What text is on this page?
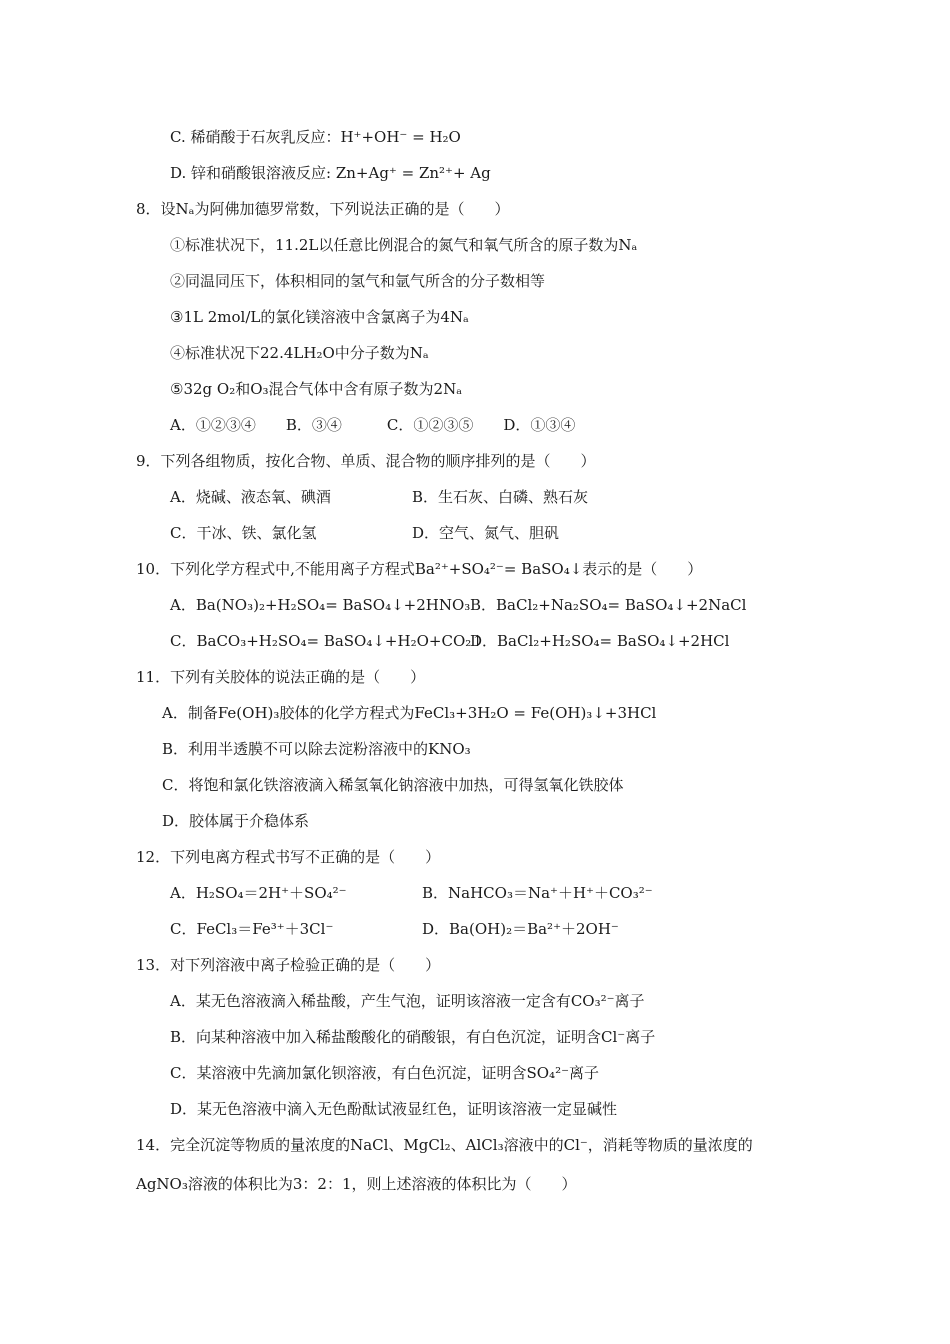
C. 稀硝酸于石灰乳反应：H⁺+OH⁻ = H₂O
D. 锌和硝酸银溶液反应: Zn+Ag⁺ = Zn²⁺+ Ag
8．设Nₐ为阿佛加德罗常数，下列说法正确的是（　　）
①标准状况下，11.2L以任意比例混合的氮气和氧气所含的原子数为Nₐ
②同温同压下，体积相同的氢气和氩气所含的分子数相等
③1L 2mol/L的氯化镁溶液中含氯离子为4Nₐ
④标准状况下22.4LH₂O中分子数为Nₐ
⑤32g O₂和O₃混合气体中含有原子数为2Nₐ
A．①②③④　　B．③④　　　C．①②③⑤　　D．①③④
9．下列各组物质，按化合物、单质、混合物的顺序排列的是（　　）
A．烧碱、液态氧、碘酒	B．生石灰、白磷、熟石灰
C．干冰、铁、氯化氢	D．空气、氮气、胆矾
10．下列化学方程式中,不能用离子方程式Ba²⁺+SO₄²⁻= BaSO₄↓表示的是（　　）
A．Ba(NO₃)₂+H₂SO₄= BaSO₄↓+2HNO₃ B．BaCl₂+Na₂SO₄= BaSO₄↓+2NaCl
C．BaCO₃+H₂SO₄= BaSO₄↓+H₂O+CO₂↑
D．BaCl₂+H₂SO₄= BaSO₄↓+2HCl
11．下列有关胶体的说法正确的是（　　）
A．制备Fe(OH)₃胶体的化学方程式为FeCl₃+3H₂O = Fe(OH)₃↓+3HCl
B．利用半透膜不可以除去淀粉溶液中的KNO₃
C．将饱和氯化铁溶液滴入稀氢氧化钠溶液中加热，可得氢氧化铁胶体
D．胶体属于介稳体系
12．下列电离方程式书写不正确的是（　　）
A．H₂SO₄＝2H⁺＋SO₄²⁻	B．NaHCO₃＝Na⁺＋H⁺＋CO₃²⁻
C．FeCl₃＝Fe³⁺＋3Cl⁻	D．Ba(OH)₂＝Ba²⁺＋2OH⁻
13．对下列溶液中离子检验正确的是（　　）
A．某无色溶液滴入稀盐酸，产生气泡，证明该溶液一定含有CO₃²⁻离子
B．向某种溶液中加入稀盐酸酸化的硝酸银，有白色沉淀，证明含Cl⁻离子
C．某溶液中先滴加氯化钡溶液，有白色沉淀，证明含SO₄²⁻离子
D．某无色溶液中滴入无色酚酞试液显红色，证明该溶液一定显碱性
14．完全沉淀等物质的量浓度的NaCl、MgCl₂、AlCl₃溶液中的Cl⁻，消耗等物质的量浓度的
AgNO₃溶液的体积比为3：2：1，则上述溶液的体积比为（　　）
